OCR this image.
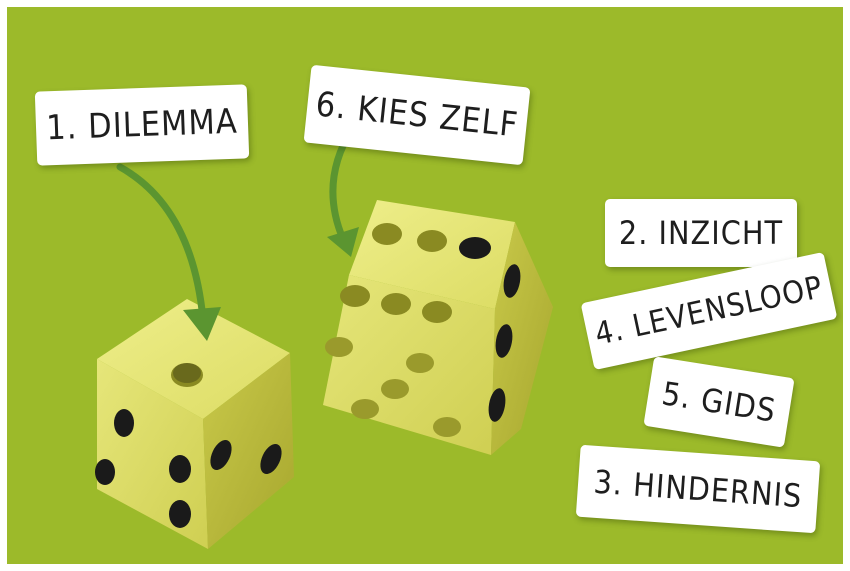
1. DILEMMA 6. KIES ZELF
2. INZICHT
4. LEVENSLOOP
5. GIDS
3. HINDERNIS
